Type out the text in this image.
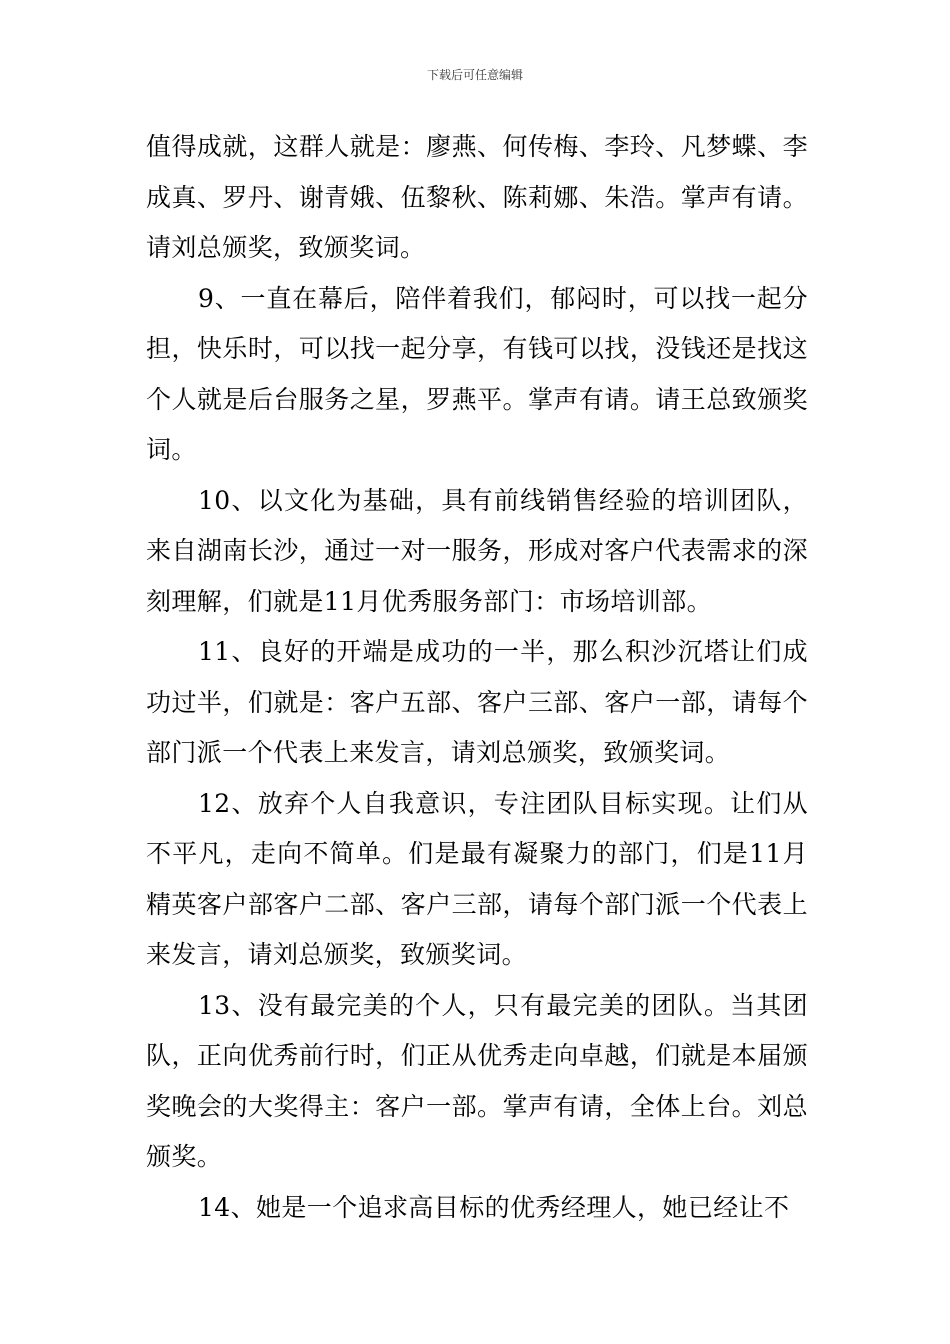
下载后可任意编辑

值得成就，这群人就是：廖燕、何传梅、李玲、凡梦蝶、李成真、罗丹、谢青娥、伍黎秋、陈莉娜、朱浩。掌声有请。请刘总颁奖，致颁奖词。

9、一直在幕后，陪伴着我们，郁闷时，可以找一起分担，快乐时，可以找一起分享，有钱可以找，没钱还是找这个人就是后台服务之星，罗燕平。掌声有请。请王总致颁奖词。

10、以文化为基础，具有前线销售经验的培训团队，来自湖南长沙，通过一对一服务，形成对客户代表需求的深刻理解，们就是11月优秀服务部门：市场培训部。

11、良好的开端是成功的一半，那么积沙沉塔让们成功过半，们就是：客户五部、客户三部、客户一部，请每个部门派一个代表上来发言，请刘总颁奖，致颁奖词。

12、放弃个人自我意识，专注团队目标实现。让们从不平凡，走向不简单。们是最有凝聚力的部门，们是11月精英客户部客户二部、客户三部，请每个部门派一个代表上来发言，请刘总颁奖，致颁奖词。

13、没有最完美的个人，只有最完美的团队。当其团队，正向优秀前行时，们正从优秀走向卓越，们就是本届颁奖晚会的大奖得主：客户一部。掌声有请，全体上台。刘总颁奖。

14、她是一个追求高目标的优秀经理人，她已经让不
